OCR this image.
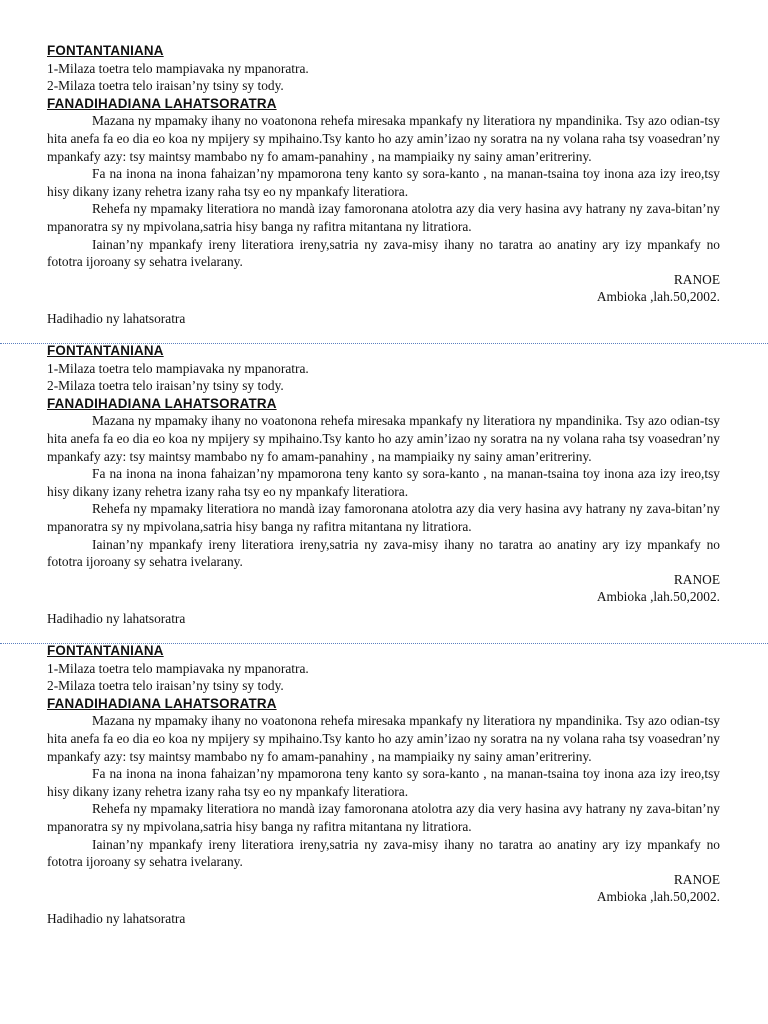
FONTANTANIANA
1-Milaza toetra telo mampiavaka ny mpanoratra.
2-Milaza toetra telo iraisan’ny tsiny sy tody.
FANADIHADIANA LAHATSORATRA

Mazana ny mpamaky ihany no voatonona rehefa miresaka mpankafy ny literatiora ny mpandinika. Tsy azo odian-tsy hita anefa fa eo dia eo koa ny mpijery sy mpihaino.Tsy kanto ho azy amin’izao ny soratra na ny volana raha tsy voasedran’ny mpankafy azy: tsy maintsy mambabo ny fo amam-panahiny , na mampiaiky ny sainy aman’eritreriny.

Fa na inona na inona fahaizan’ny mpamorona teny kanto sy sora-kanto , na manan-tsaina toy inona aza izy ireo,tsy hisy dikany izany rehetra izany raha tsy eo ny mpankafy literatiora.

Rehefa ny mpamaky literatiora no mandà izay famoronana atolotra azy dia very hasina avy hatrany ny zava-bitan’ny mpanoratra sy ny mpivolana,satria hisy banga ny rafitra mitantana ny litratiora.

Iainan’ny mpankafy ireny literatiora ireny,satria ny zava-misy ihany no taratra ao anatiny ary izy mpankafy no fototra ijoroany sy sehatra ivelarany.

RANOE
Ambioka ,lah.50,2002.
Hadihadio ny lahatsoratra
FONTANTANIANA
1-Milaza toetra telo mampiavaka ny mpanoratra.
2-Milaza toetra telo iraisan’ny tsiny sy tody.
FANADIHADIANA LAHATSORATRA

Mazana ny mpamaky ihany no voatonona rehefa miresaka mpankafy ny literatiora ny mpandinika. Tsy azo odian-tsy hita anefa fa eo dia eo koa ny mpijery sy mpihaino.Tsy kanto ho azy amin’izao ny soratra na ny volana raha tsy voasedran’ny mpankafy azy: tsy maintsy mambabo ny fo amam-panahiny , na mampiaiky ny sainy aman’eritreriny.

Fa na inona na inona fahaizan’ny mpamorona teny kanto sy sora-kanto , na manan-tsaina toy inona aza izy ireo,tsy hisy dikany izany rehetra izany raha tsy eo ny mpankafy literatiora.

Rehefa ny mpamaky literatiora no mandà izay famoronana atolotra azy dia very hasina avy hatrany ny zava-bitan’ny mpanoratra sy ny mpivolana,satria hisy banga ny rafitra mitantana ny litratiora.

Iainan’ny mpankafy ireny literatiora ireny,satria ny zava-misy ihany no taratra ao anatiny ary izy mpankafy no fototra ijoroany sy sehatra ivelarany.

RANOE
Ambioka ,lah.50,2002.
Hadihadio ny lahatsoratra
FONTANTANIANA
1-Milaza toetra telo mampiavaka ny mpanoratra.
2-Milaza toetra telo iraisan’ny tsiny sy tody.
FANADIHADIANA LAHATSORATRA

Mazana ny mpamaky ihany no voatonona rehefa miresaka mpankafy ny literatiora ny mpandinika. Tsy azo odian-tsy hita anefa fa eo dia eo koa ny mpijery sy mpihaino.Tsy kanto ho azy amin’izao ny soratra na ny volana raha tsy voasedran’ny mpankafy azy: tsy maintsy mambabo ny fo amam-panahiny , na mampiaiky ny sainy aman’eritreriny.

Fa na inona na inona fahaizan’ny mpamorona teny kanto sy sora-kanto , na manan-tsaina toy inona aza izy ireo,tsy hisy dikany izany rehetra izany raha tsy eo ny mpankafy literatiora.

Rehefa ny mpamaky literatiora no mandà izay famoronana atolotra azy dia very hasina avy hatrany ny zava-bitan’ny mpanoratra sy ny mpivolana,satria hisy banga ny rafitra mitantana ny litratiora.

Iainan’ny mpankafy ireny literatiora ireny,satria ny zava-misy ihany no taratra ao anatiny ary izy mpankafy no fototra ijoroany sy sehatra ivelarany.

RANOE
Ambioka ,lah.50,2002.
Hadihadio ny lahatsoratra
